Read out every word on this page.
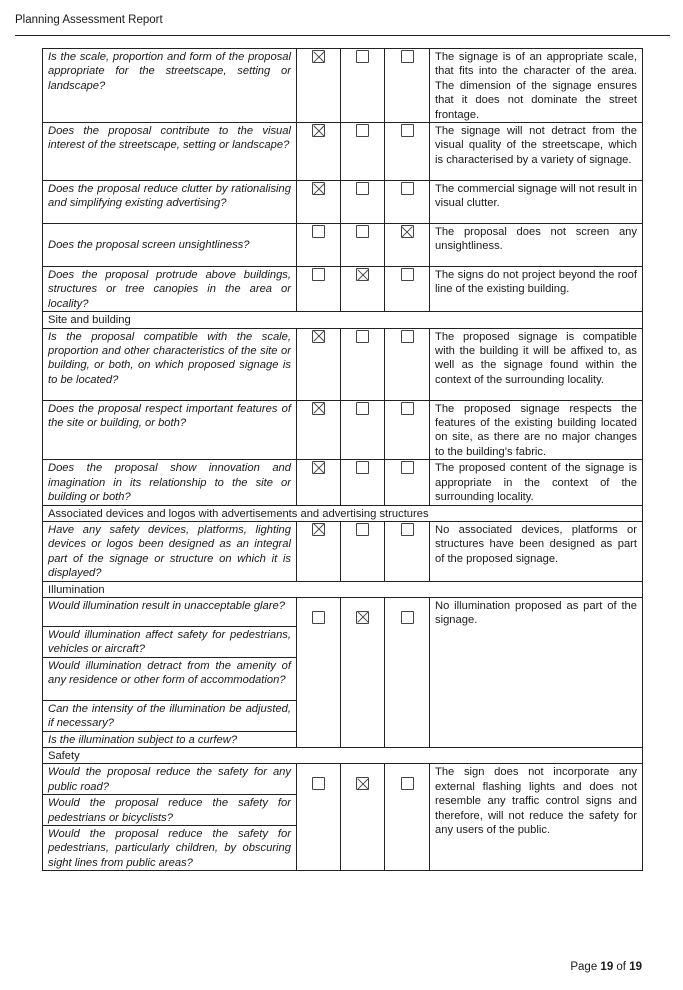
Planning Assessment Report
Is the scale, proportion and form of the proposal appropriate for the streetscape, setting or landscape?				The signage is of an appropriate scale, that fits into the character of the area. The dimension of the signage ensures that it does not dominate the street frontage.
Does the proposal contribute to the visual interest of the streetscape, setting or landscape?				The signage will not detract from the visual quality of the streetscape, which is characterised by a variety of signage.
Does the proposal reduce clutter by rationalising and simplifying existing advertising?				The commercial signage will not result in visual clutter.
Does the proposal screen unsightliness?				The proposal does not screen any unsightliness.
Does the proposal protrude above buildings, structures or tree canopies in the area or locality?				The signs do not project beyond the roof line of the existing building.
Site and building				
Is the proposal compatible with the scale, proportion and other characteristics of the site or building, or both, on which proposed signage is to be located?				The proposed signage is compatible with the building it will be affixed to, as well as the signage found within the context of the surrounding locality.
Does the proposal respect important features of the site or building, or both?				The proposed signage respects the features of the existing building located on site, as there are no major changes to the building’s fabric.
Does the proposal show innovation and imagination in its relationship to the site or building or both?				The proposed content of the signage is appropriate in the context of the surrounding locality.
Associated devices and logos with advertisements and advertising structures				
Have any safety devices, platforms, lighting devices or logos been designed as an integral part of the signage or structure on which it is displayed?				No associated devices, platforms or structures have been designed as part of the proposed signage.
Illumination				
Would illumination result in unacceptable glare?				No illumination proposed as part of the signage.
Would illumination affect safety for pedestrians, vehicles or aircraft?				
Would illumination detract from the amenity of any residence or other form of accommodation?				
Can the intensity of the illumination be adjusted, if necessary?				
Is the illumination subject to a curfew?				
Safety				
Would the proposal reduce the safety for any public road?				The sign does not incorporate any external flashing lights and does not resemble any traffic control signs and therefore, will not reduce the safety for any users of the public.
Would the proposal reduce the safety for pedestrians or bicyclists?				
Would the proposal reduce the safety for pedestrians, particularly children, by obscuring sight lines from public areas?				
Page 19 of 19
